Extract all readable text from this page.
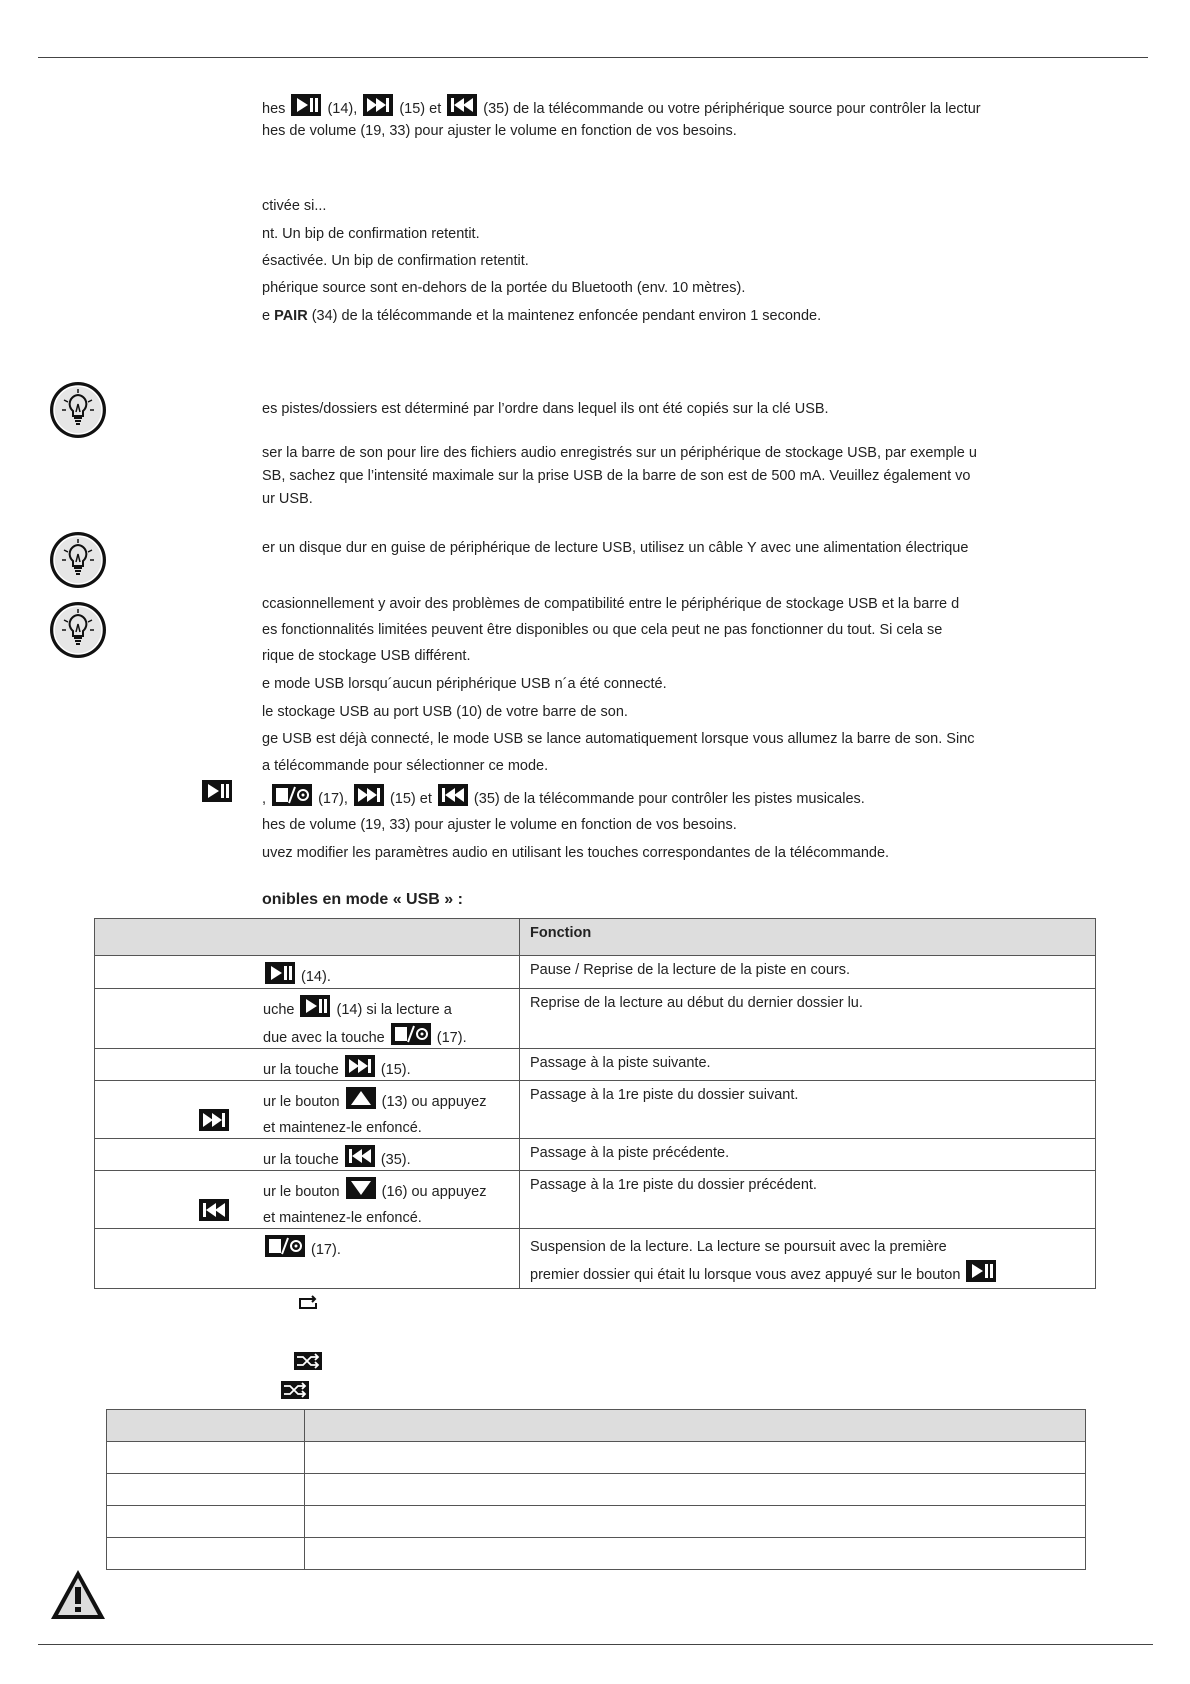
hes  (14),  (15) et  (35) de la télécommande ou votre périphérique source pour contrôler la lectur
hes de volume (19, 33) pour ajuster le volume en fonction de vos besoins.
ctivée si...
nt. Un bip de confirmation retentit.
ésactivée. Un bip de confirmation retentit.
phérique source sont en-dehors de la portée du Bluetooth (env. 10 mètres).
e PAIR (34) de la télécommande et la maintenez enfoncée pendant environ 1 seconde.
es pistes/dossiers est déterminé par l’ordre dans lequel ils ont été copiés sur la clé USB.
ser la barre de son pour lire des fichiers audio enregistrés sur un périphérique de stockage USB, par exemple u
SB, sachez que l’intensité maximale sur la prise USB de la barre de son est de 500 mA. Veuillez également vo
ur USB.
er un disque dur en guise de périphérique de lecture USB, utilisez un câble Y avec une alimentation électrique
ccasionnellement y avoir des problèmes de compatibilité entre le périphérique de stockage USB et la barre d
es fonctionnalités limitées peuvent être disponibles ou que cela peut ne pas fonctionner du tout. Si cela se
rique de stockage USB différent.
e mode USB lorsqu´aucun périphérique USB n´a été connecté.
le stockage USB au port USB (10) de votre barre de son.
ge USB est déjà connecté, le mode USB se lance automatiquement lorsque vous allumez la barre de son. Sinc
a télécommande pour sélectionner ce mode.
,	(17),  (15) et  (35) de la télécommande pour contrôler les pistes musicales.
hes de volume (19, 33) pour ajuster le volume en fonction de vos besoins.
uvez modifier les paramètres audio en utilisant les touches correspondantes de la télécommande.
onibles en mode « USB » :
	Fonction

(14).	Pause / Reprise de la lecture de la piste en cours.

uche  (14) si la lecture a
due avec la touche (17).	Reprise de la lecture au début du dernier dossier lu.

ur la touche  (15).	Passage à la piste suivante.

ur le bouton  (13) ou appuyez
et maintenez-le enfoncé.	Passage à la 1re piste du dossier suivant.

ur la touche  (35).	Passage à la piste précédente.

ur le bouton  (16) ou appuyez
et maintenez-le enfoncé.	Passage à la 1re piste du dossier précédent.

(17).	Suspension de la lecture. La lecture se poursuit avec la première
premier dossier qui était lu lorsque vous avez appuyé sur le bouton
